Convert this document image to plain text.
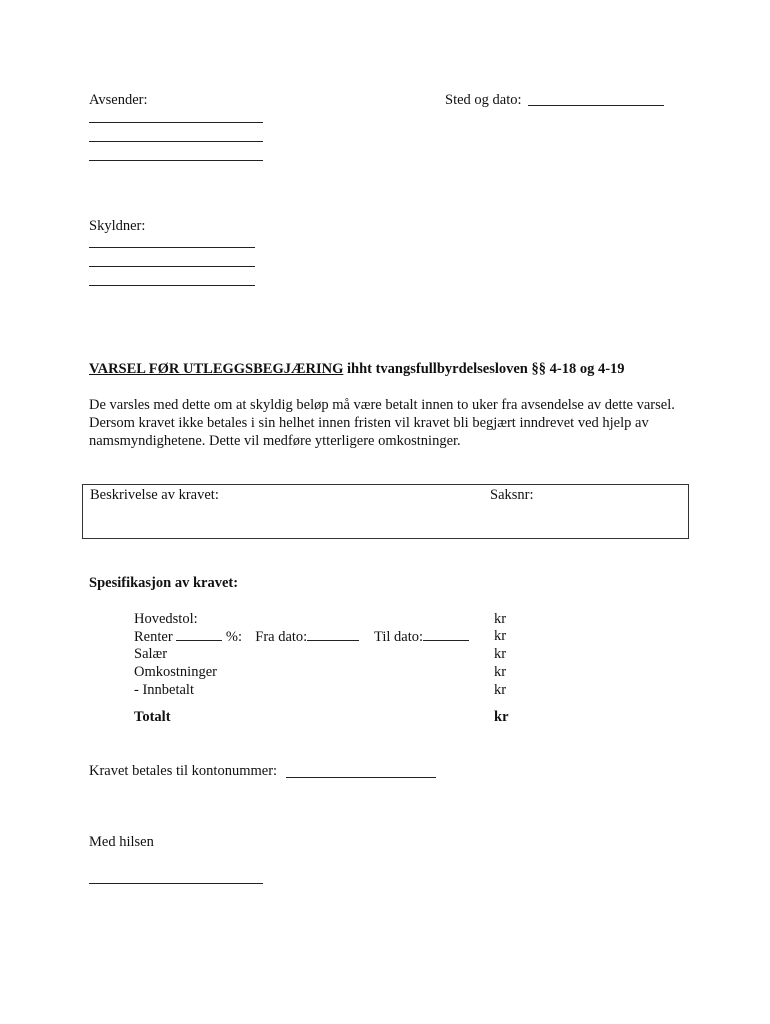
Avsender:	Sted og dato:
Skyldner:
VARSEL FØR UTLEGGSBEGJÆRING ihht tvangsfullbyrdelsesloven §§ 4-18 og 4-19
De varsles med dette om at skyldig beløp må være betalt innen to uker fra avsendelse av dette varsel. Dersom kravet ikke betales i sin helhet innen fristen vil kravet bli begjært inndrevet ved hjelp av namsmyndighetene. Dette vil medføre ytterligere omkostninger.
Beskrivelse av kravet:	Saksnr:
Spesifikasjon av kravet:
Hovedstol:	kr
Renter	%: Fra dato:	Til dato:	kr
Salær	kr
Omkostninger	kr
- Innbetalt	kr
Totalt	kr
Kravet betales til kontonummer:
Med hilsen
